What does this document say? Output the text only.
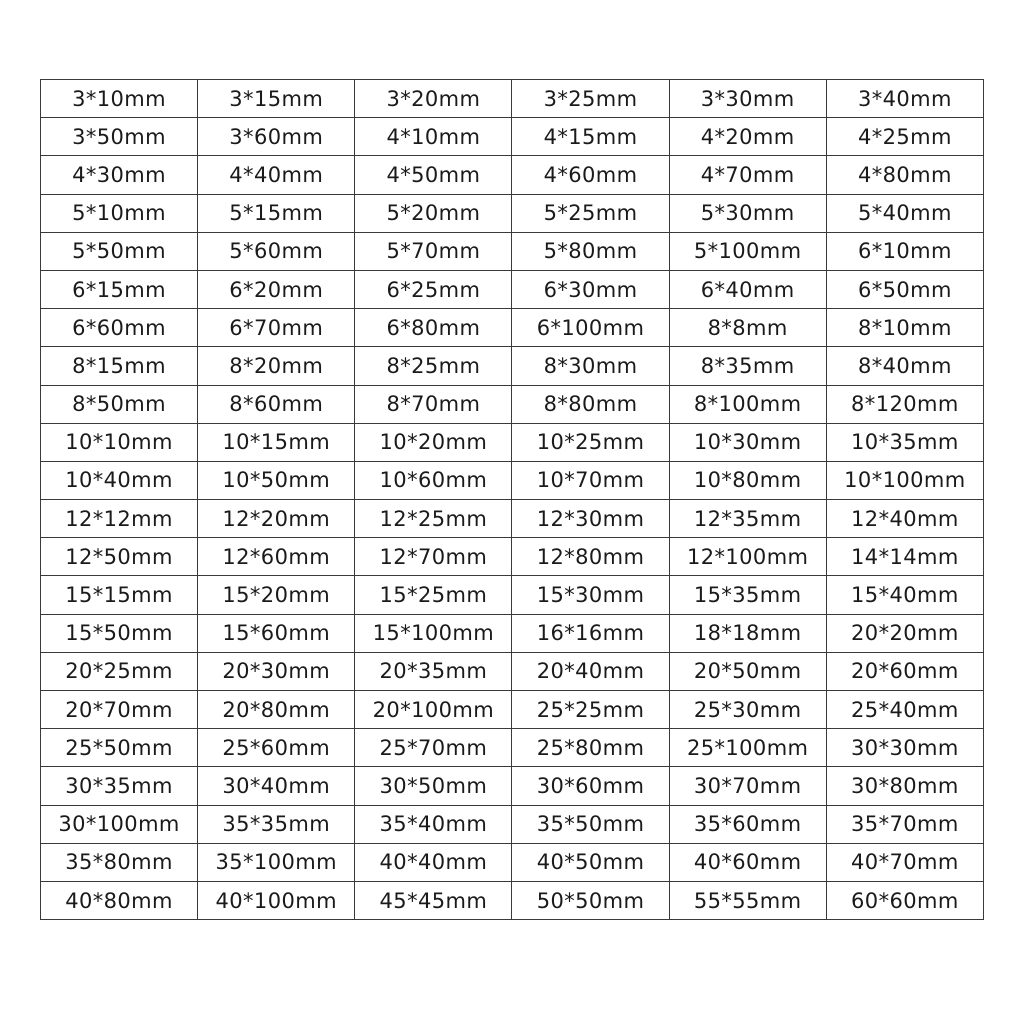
3*10mm	3*15mm	3*20mm	3*25mm	3*30mm	3*40mm
3*50mm	3*60mm	4*10mm	4*15mm	4*20mm	4*25mm
4*30mm	4*40mm	4*50mm	4*60mm	4*70mm	4*80mm
5*10mm	5*15mm	5*20mm	5*25mm	5*30mm	5*40mm
5*50mm	5*60mm	5*70mm	5*80mm	5*100mm	6*10mm
6*15mm	6*20mm	6*25mm	6*30mm	6*40mm	6*50mm
6*60mm	6*70mm	6*80mm	6*100mm	8*8mm	8*10mm
8*15mm	8*20mm	8*25mm	8*30mm	8*35mm	8*40mm
8*50mm	8*60mm	8*70mm	8*80mm	8*100mm	8*120mm
10*10mm	10*15mm	10*20mm	10*25mm	10*30mm	10*35mm
10*40mm	10*50mm	10*60mm	10*70mm	10*80mm	10*100mm
12*12mm	12*20mm	12*25mm	12*30mm	12*35mm	12*40mm
12*50mm	12*60mm	12*70mm	12*80mm	12*100mm	14*14mm
15*15mm	15*20mm	15*25mm	15*30mm	15*35mm	15*40mm
15*50mm	15*60mm	15*100mm	16*16mm	18*18mm	20*20mm
20*25mm	20*30mm	20*35mm	20*40mm	20*50mm	20*60mm
20*70mm	20*80mm	20*100mm	25*25mm	25*30mm	25*40mm
25*50mm	25*60mm	25*70mm	25*80mm	25*100mm	30*30mm
30*35mm	30*40mm	30*50mm	30*60mm	30*70mm	30*80mm
30*100mm	35*35mm	35*40mm	35*50mm	35*60mm	35*70mm
35*80mm	35*100mm	40*40mm	40*50mm	40*60mm	40*70mm
40*80mm	40*100mm	45*45mm	50*50mm	55*55mm	60*60mm
